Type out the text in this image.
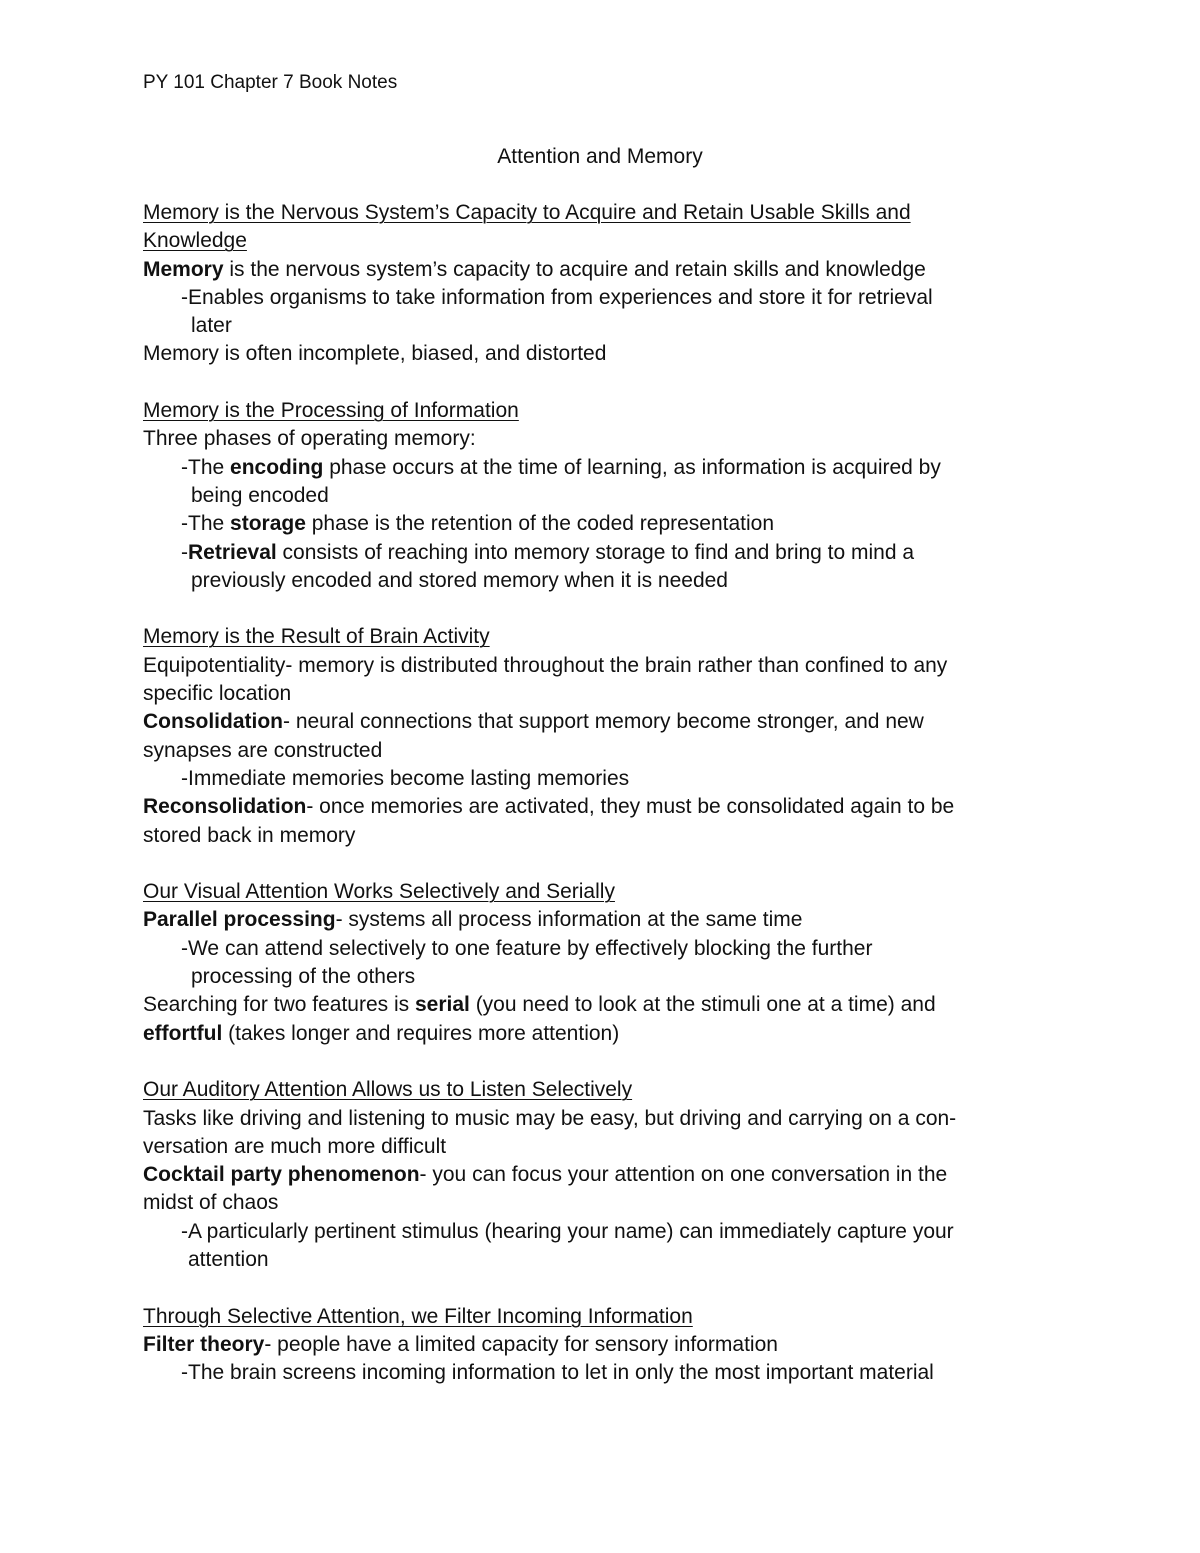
PY 101 Chapter 7 Book Notes
Attention and Memory
Memory is the Nervous System’s Capacity to Acquire and Retain Usable Skills and
Knowledge
Memory is the nervous system’s capacity to acquire and retain skills and knowledge
-Enables organisms to take information from experiences and store it for retrieval
later
Memory is often incomplete, biased, and distorted
Memory is the Processing of Information
Three phases of operating memory:
-The encoding phase occurs at the time of learning, as information is acquired by
being encoded
-The storage phase is the retention of the coded representation
-Retrieval consists of reaching into memory storage to find and bring to mind a
previously encoded and stored memory when it is needed
Memory is the Result of Brain Activity
Equipotentiality- memory is distributed throughout the brain rather than confined to any
specific location
Consolidation- neural connections that support memory become stronger, and new
synapses are constructed
-Immediate memories become lasting memories
Reconsolidation- once memories are activated, they must be consolidated again to be
stored back in memory
Our Visual Attention Works Selectively and Serially
Parallel processing- systems all process information at the same time
-We can attend selectively to one feature by effectively blocking the further
processing of the others
Searching for two features is serial (you need to look at the stimuli one at a time) and
effortful (takes longer and requires more attention)
Our Auditory Attention Allows us to Listen Selectively
Tasks like driving and listening to music may be easy, but driving and carrying on a con-
versation are much more difficult
Cocktail party phenomenon- you can focus your attention on one conversation in the
midst of chaos
-A particularly pertinent stimulus (hearing your name) can immediately capture your
attention
Through Selective Attention, we Filter Incoming Information
Filter theory- people have a limited capacity for sensory information
-The brain screens incoming information to let in only the most important material
